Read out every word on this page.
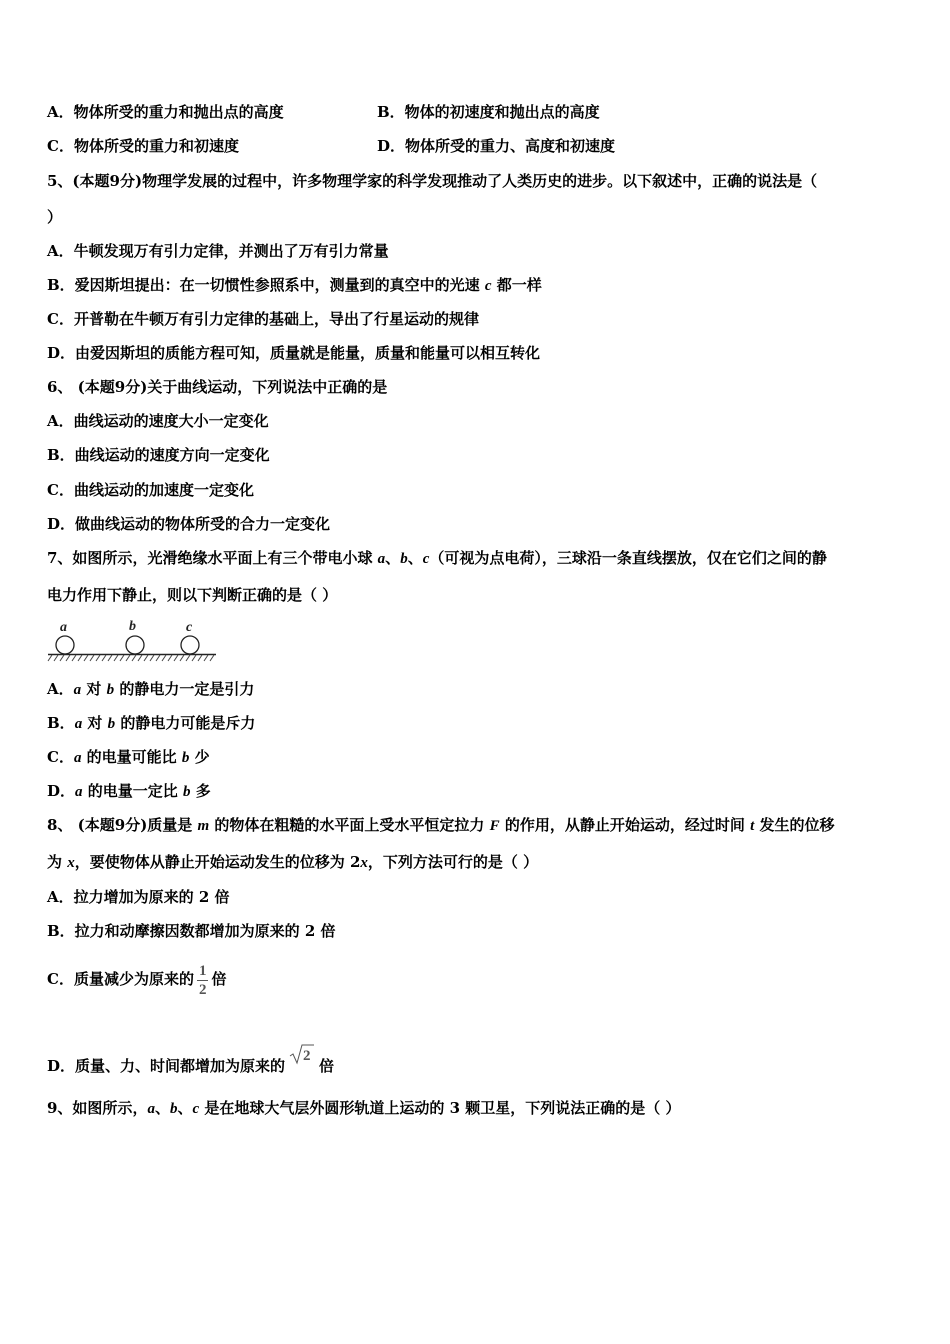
A．物体所受的重力和抛出点的高度	B．物体的初速度和抛出点的高度
C．物体所受的重力和初速度	D．物体所受的重力、高度和初速度
5、(本题9分)物理学发展的过程中，许多物理学家的科学发现推动了人类历史的进步。以下叙述中，正确的说法是（
）
A．牛顿发现万有引力定律，并测出了万有引力常量
B．爱因斯坦提出：在一切惯性参照系中，测量到的真空中的光速 c 都一样
C．开普勒在牛顿万有引力定律的基础上，导出了行星运动的规律
D．由爱因斯坦的质能方程可知，质量就是能量，质量和能量可以相互转化
6、 (本题9分)关于曲线运动，下列说法中正确的是
A．曲线运动的速度大小一定变化
B．曲线运动的速度方向一定变化
C．曲线运动的加速度一定变化
D．做曲线运动的物体所受的合力一定变化
7、如图所示，光滑绝缘水平面上有三个带电小球 a、b、c（可视为点电荷），三球沿一条直线摆放，仅在它们之间的静
电力作用下静止，则以下判断正确的是（ ）
a	b	c
A．a 对 b 的静电力一定是引力
B．a 对 b 的静电力可能是斥力
C．a 的电量可能比 b 少
D．a 的电量一定比 b 多
8、 (本题9分)质量是 m 的物体在粗糙的水平面上受水平恒定拉力 F 的作用，从静止开始运动，经过时间 t 发生的位移
为 x，要使物体从静止开始运动发生的位移为 2x，下列方法可行的是（ ）
A．拉力增加为原来的 2 倍
B．拉力和动摩擦因数都增加为原来的 2 倍
C．质量减少为原来的 $\frac{1}{2}$ 倍
D．质量、力、时间都增加为原来的
2
倍
9、如图所示，a、b、c 是在地球大气层外圆形轨道上运动的 3 颗卫星，下列说法正确的是（ ）
